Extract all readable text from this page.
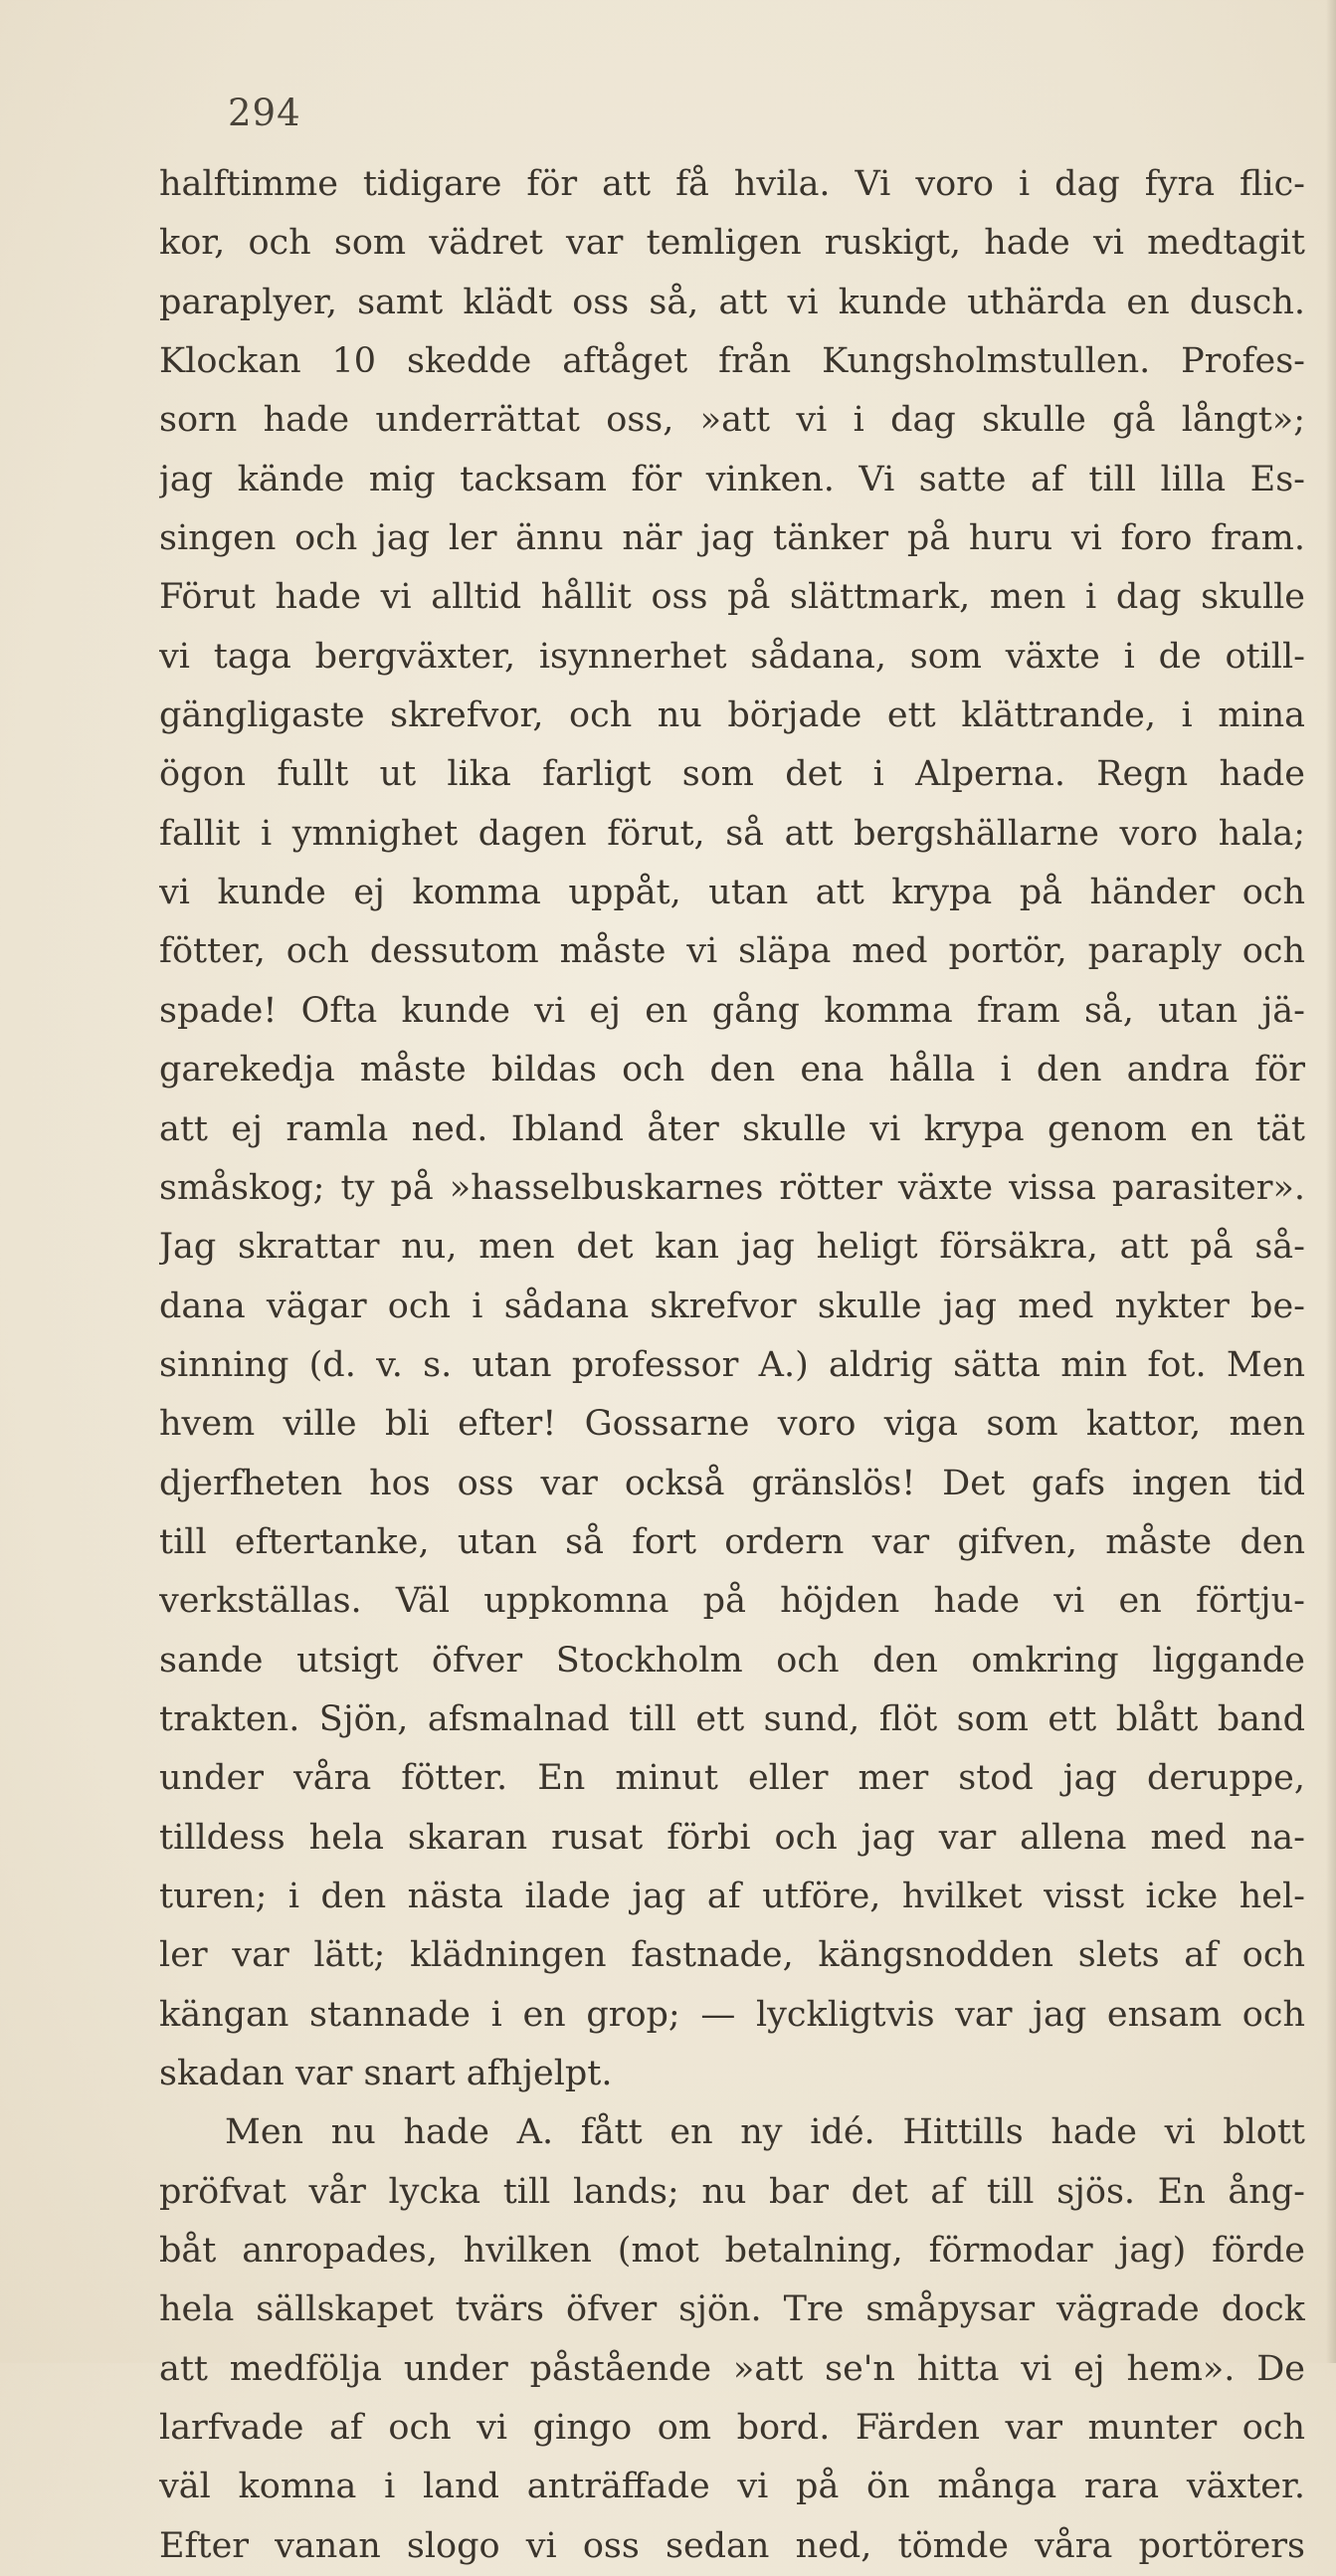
294
halftimme tidigare för att få hvila. Vi voro i dag fyra flic-
kor, och som vädret var temligen ruskigt, hade vi medtagit
paraplyer, samt klädt oss så, att vi kunde uthärda en dusch.
Klockan 10 skedde aftåget från Kungsholmstullen. Profes-
sorn hade underrättat oss, »att vi i dag skulle gå långt»;
jag kände mig tacksam för vinken. Vi satte af till lilla Es-
singen och jag ler ännu när jag tänker på huru vi foro fram.
Förut hade vi alltid hållit oss på slättmark, men i dag skulle
vi taga bergväxter, isynnerhet sådana, som växte i de otill-
gängligaste skrefvor, och nu började ett klättrande, i mina
ögon fullt ut lika farligt som det i Alperna. Regn hade
fallit i ymnighet dagen förut, så att bergshällarne voro hala;
vi kunde ej komma uppåt, utan att krypa på händer och
fötter, och dessutom måste vi släpa med portör, paraply och
spade! Ofta kunde vi ej en gång komma fram så, utan jä-
garekedja måste bildas och den ena hålla i den andra för
att ej ramla ned. Ibland åter skulle vi krypa genom en tät
småskog; ty på »hasselbuskarnes rötter växte vissa parasiter».
Jag skrattar nu, men det kan jag heligt försäkra, att på så-
dana vägar och i sådana skrefvor skulle jag med nykter be-
sinning (d. v. s. utan professor A.) aldrig sätta min fot. Men
hvem ville bli efter! Gossarne voro viga som kattor, men
djerfheten hos oss var också gränslös! Det gafs ingen tid
till eftertanke, utan så fort ordern var gifven, måste den
verkställas. Väl uppkomna på höjden hade vi en förtju-
sande utsigt öfver Stockholm och den omkring liggande
trakten. Sjön, afsmalnad till ett sund, flöt som ett blått band
under våra fötter. En minut eller mer stod jag deruppe,
tilldess hela skaran rusat förbi och jag var allena med na-
turen; i den nästa ilade jag af utföre, hvilket visst icke hel-
ler var lätt; klädningen fastnade, kängsnodden slets af och
kängan stannade i en grop; — lyckligtvis var jag ensam och
skadan var snart afhjelpt.
Men nu hade A. fått en ny idé. Hittills hade vi blott
pröfvat vår lycka till lands; nu bar det af till sjös. En ång-
båt anropades, hvilken (mot betalning, förmodar jag) förde
hela sällskapet tvärs öfver sjön. Tre småpysar vägrade dock
att medfölja under påstående »att se'n hitta vi ej hem». De
larfvade af och vi gingo om bord. Färden var munter och
väl komna i land anträffade vi på ön många rara växter.
Efter vanan slogo vi oss sedan ned, tömde våra portörers
